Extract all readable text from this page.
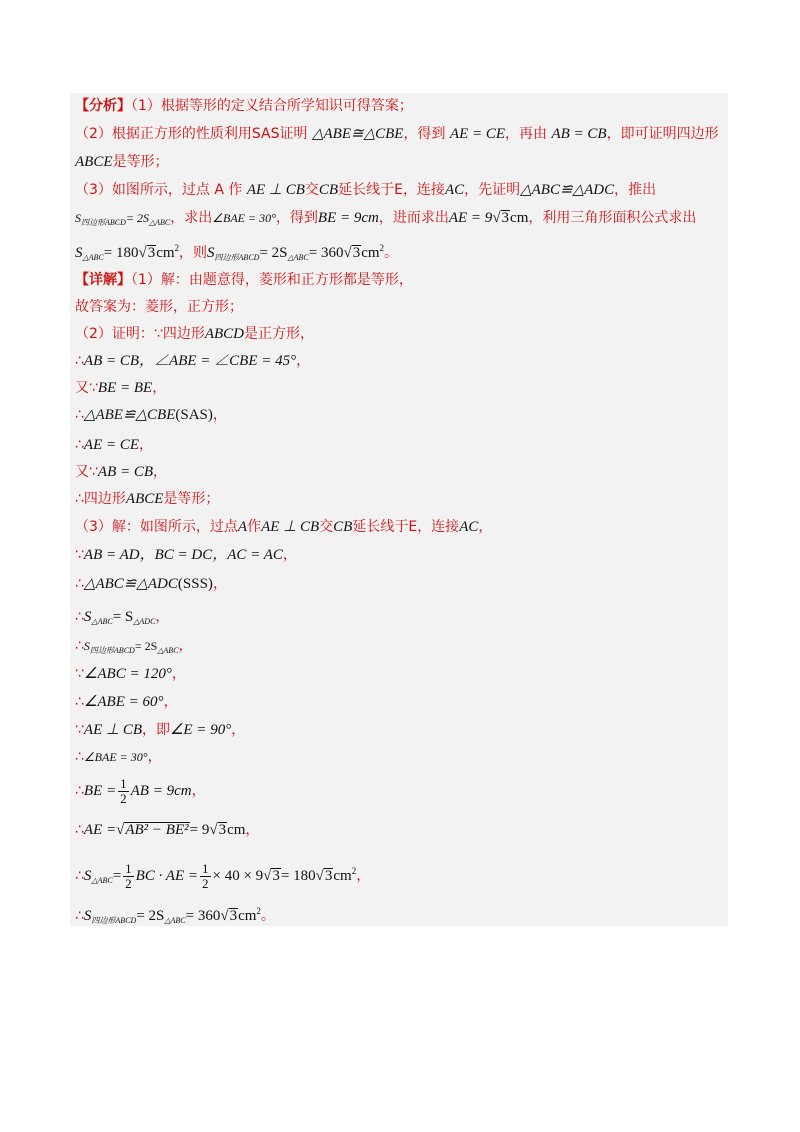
【分析】（1）根据等形的定义结合所学知识可得答案；
（2）根据正方形的性质利用SAS证明 △ABE≅△CBE，得到 AE = CE，再由 AB = CB，即可证明四边形
ABCE是等形；
（3）如图所示，过点 A 作 AE ⊥ CB交CB延长线于E，连接AC，先证明△ABC≌△ADC，推出
$S_{四边形ABCD}= 2S_{\triangle ABC}$，求出∠BAE = 30°，得到BE = 9cm，进而求出AE = 9√3cm，利用三角形面积公式求出
$S_{\triangle ABC}= 180√3cm^2$，则$S_{四边形ABCD}= 2S_{\triangle ABC}= 360√3cm^2$。
【详解】（1）解：由题意得，菱形和正方形都是等形，
故答案为：菱形，正方形；
（2）证明：∵四边形ABCD是正方形，
∴AB = CB，∠ABE = ∠CBE = 45°，
又∵BE = BE，
∴△ABE≌△CBE(SAS)，
∴AE = CE，
又∵AB = CB，
∴四边形ABCE是等形；
（3）解：如图所示，过点A作AE ⊥ CB交CB延长线于E，连接AC，
∵AB = AD，BC = DC，AC = AC，
∴△ABC≌△ADC(SSS)，
$\therefore S_{\triangle ABC}= S_{\triangle ADC}$，
$\therefore S_{四边形ABCD}= 2S_{\triangle ABC}$，
∵∠ABC = 120°，
∴∠ABE = 60°，
∵AE ⊥ CB，即∠E = 90°，
∴∠BAE = 30°，
∴BE = $\frac{1}{2}$ AB = 9cm，
∴AE =√AB² − BE²= 9√3cm，
$\therefore S_{\triangle ABC}= \frac{1}{2}$ BC · AE = $\frac{1}{2} \times 40 \times 9√3= 180√3cm^2$，
$\therefore S_{四边形ABCD}= 2S_{\triangle ABC}= 360√3cm^2$。
